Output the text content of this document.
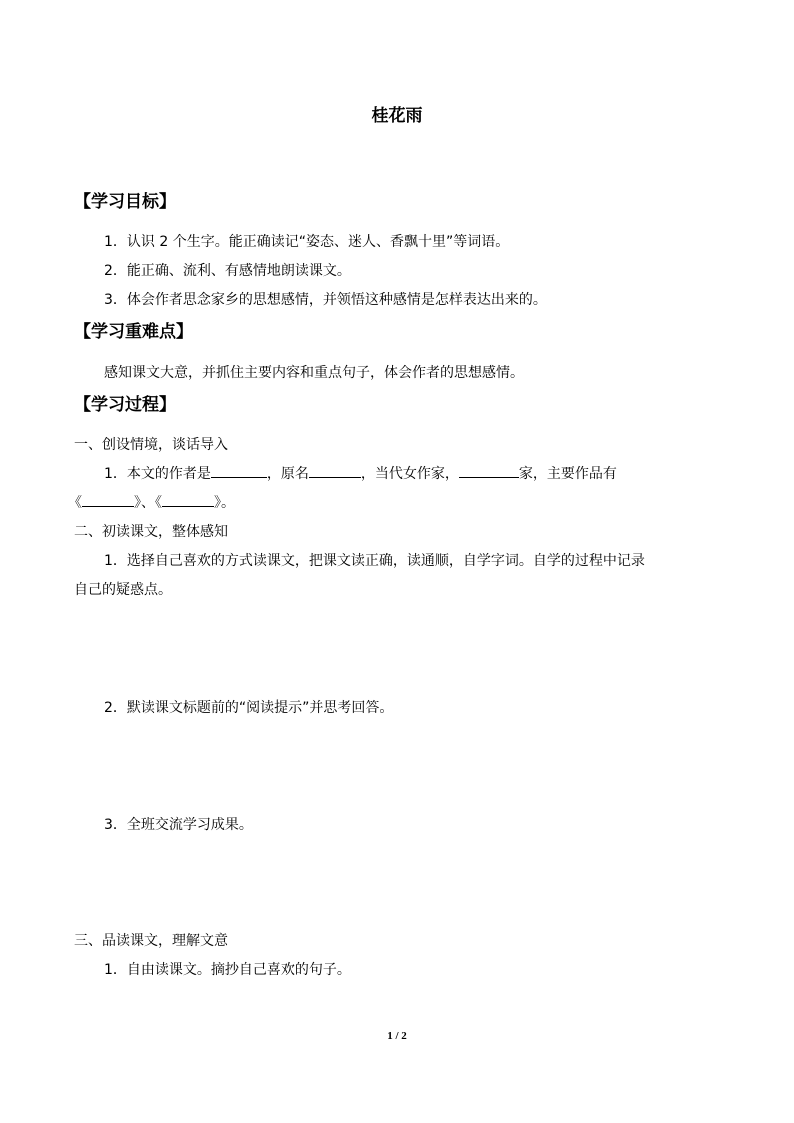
桂花雨
【学习目标】
1．认识 2 个生字。能正确读记“姿态、迷人、香飘十里”等词语。
2．能正确、流利、有感情地朗读课文。
3．体会作者思念家乡的思想感情，并领悟这种感情是怎样表达出来的。
【学习重难点】
感知课文大意，并抓住主要内容和重点句子，体会作者的思想感情。
【学习过程】
一、创设情境，谈话导入
1．本文的作者是	，原名	，当代女作家，	家，主要作品有
《	》、《	》。
二、初读课文，整体感知
1．选择自己喜欢的方式读课文，把课文读正确，读通顺，自学字词。自学的过程中记录
自己的疑惑点。
2．默读课文标题前的“阅读提示”并思考回答。
3．全班交流学习成果。
三、品读课文，理解文意
1．自由读课文。摘抄自己喜欢的句子。
1 / 2
